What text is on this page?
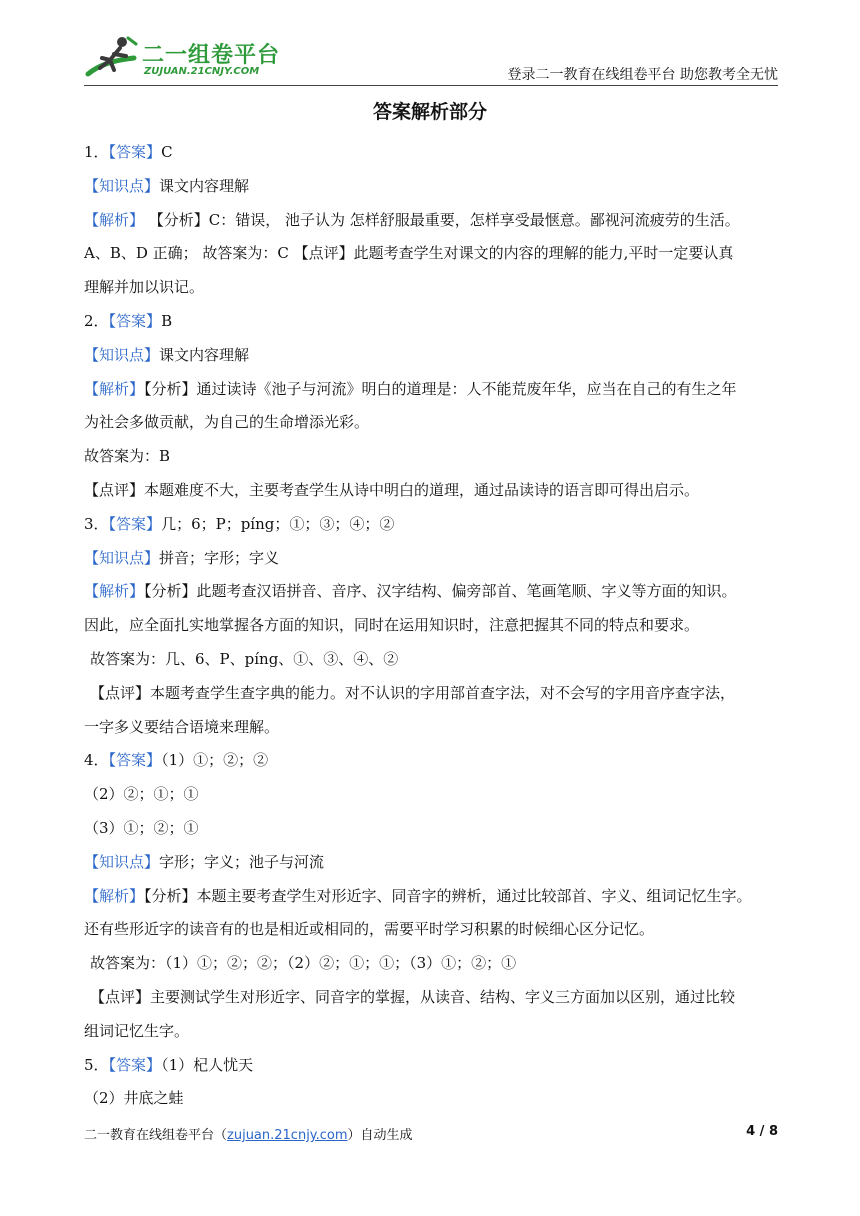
二一组卷平台
ZUJUAN.21CNJY.COM	登录二一教育在线组卷平台 助您教考全无忧
答案解析部分
1．【答案】C
【知识点】课文内容理解
【解析】 【分析】C：错误， 池子认为 怎样舒服最重要，怎样享受最惬意。鄙视河流疲劳的生活。
A、B、D 正确； 故答案为：C 【点评】此题考查学生对课文的内容的理解的能力,平时一定要认真
理解并加以识记。
2．【答案】B
【知识点】课文内容理解
【解析】【分析】通过读诗《池子与河流》明白的道理是：人不能荒废年华，应当在自己的有生之年
为社会多做贡献，为自己的生命增添光彩。
故答案为：B
【点评】本题难度不大，主要考查学生从诗中明白的道理，通过品读诗的语言即可得出启示。
3．【答案】几；6；P；píng；①；③；④；②
【知识点】拼音；字形；字义
【解析】【分析】此题考查汉语拼音、音序、汉字结构、偏旁部首、笔画笔顺、字义等方面的知识。
因此，应全面扎实地掌握各方面的知识，同时在运用知识时，注意把握其不同的特点和要求。
故答案为：几、6、P、píng、①、③、④、②
【点评】本题考查学生查字典的能力。对不认识的字用部首查字法，对不会写的字用音序查字法，
一字多义要结合语境来理解。
4．【答案】（1）①；②；②
（2）②；①；①
（3）①；②；①
【知识点】字形；字义；池子与河流
【解析】【分析】本题主要考查学生对形近字、同音字的辨析，通过比较部首、字义、组词记忆生字。
还有些形近字的读音有的也是相近或相同的，需要平时学习积累的时候细心区分记忆。
故答案为：（1）①；②；②；（2）②；①；①；（3）①；②；①
【点评】主要测试学生对形近字、同音字的掌握，从读音、结构、字义三方面加以区别，通过比较
组词记忆生字。
5．【答案】（1）杞人忧天
（2）井底之蛙
二一教育在线组卷平台（zujuan.21cnjy.com）自动生成	4 / 8
